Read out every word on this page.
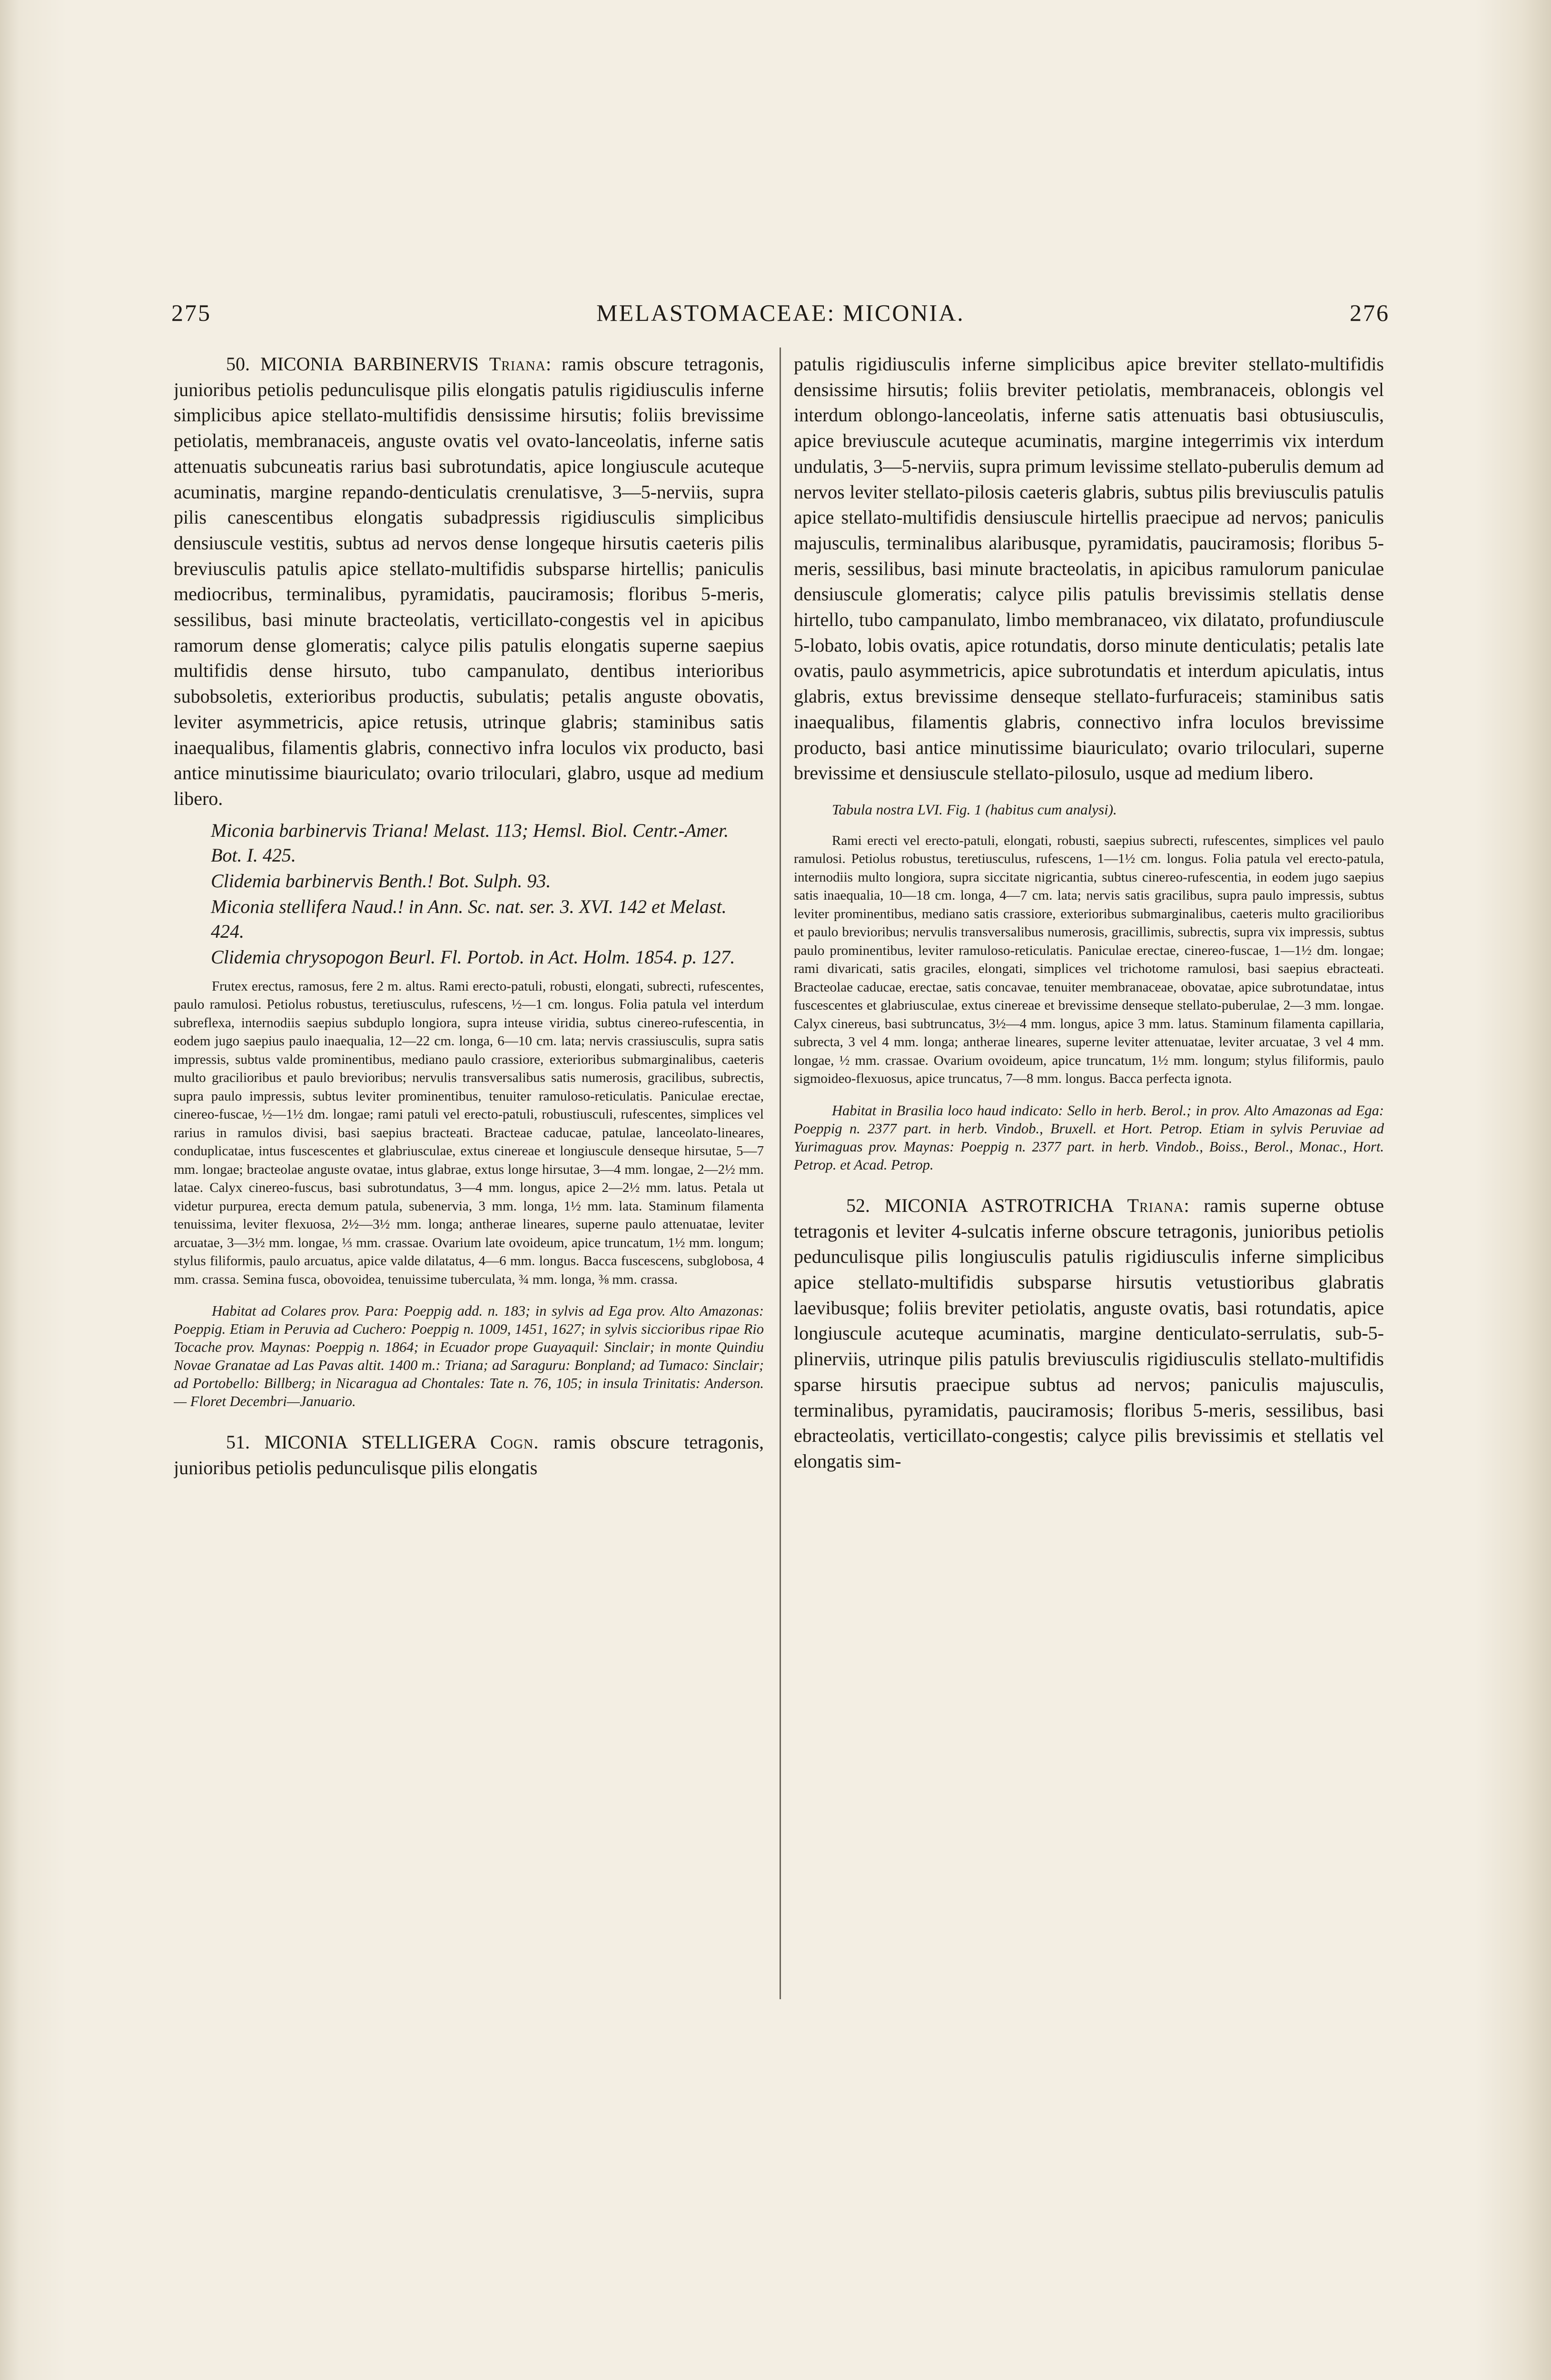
275	MELASTOMACEAE: MICONIA.	276

50. MICONIA BARBINERVIS Triana: ramis obscure tetragonis, junioribus petiolis pedunculisque pilis elongatis patulis rigidiusculis inferne simplicibus apice stellato-multifidis densissime hirsutis; foliis brevissime petiolatis, membranaceis, anguste ovatis vel ovato-lanceolatis, inferne satis attenuatis subcuneatis rarius basi subrotundatis, apice longiuscule acuteque acuminatis, margine repando-denticulatis crenulatisve, 3—5-nerviis, supra pilis canescentibus elongatis subadpressis rigidiusculis simplicibus densiuscule vestitis, subtus ad nervos dense longeque hirsutis caeteris pilis breviusculis patulis apice stellato-multifidis subsparse hirtellis; paniculis mediocribus, terminalibus, pyramidatis, pauciramosis; floribus 5-meris, sessilibus, basi minute bracteolatis, verticillato-congestis vel in apicibus ramorum dense glomeratis; calyce pilis patulis elongatis superne saepius multifidis dense hirsuto, tubo campanulato, dentibus interioribus subobsoletis, exterioribus productis, subulatis; petalis anguste obovatis, leviter asymmetricis, apice retusis, utrinque glabris; staminibus satis inaequalibus, filamentis glabris, connectivo infra loculos vix producto, basi antice minutissime biauriculato; ovario triloculari, glabro, usque ad medium libero.

Miconia barbinervis Triana! Melast. 113; Hemsl. Biol. Centr.-Amer. Bot. I. 425.

Clidemia barbinervis Benth.! Bot. Sulph. 93.

Miconia stellifera Naud.! in Ann. Sc. nat. ser. 3. XVI. 142 et Melast. 424.

Clidemia chrysopogon Beurl. Fl. Portob. in Act. Holm. 1854. p. 127.

Frutex erectus, ramosus, fere 2 m. altus. Rami erecto-patuli, robusti, elongati, subrecti, rufescentes, paulo ramulosi. Petiolus robustus, teretiusculus, rufescens, ½—1 cm. longus. Folia patula vel interdum subreflexa, internodiis saepius subduplo longiora, supra inteuse viridia, subtus cinereo-rufescentia, in eodem jugo saepius paulo inaequalia, 12—22 cm. longa, 6—10 cm. lata; nervis crassiusculis, supra satis impressis, subtus valde prominentibus, mediano paulo crassiore, exterioribus submarginalibus, caeteris multo gracilioribus et paulo brevioribus; nervulis transversalibus satis numerosis, gracilibus, subrectis, supra paulo impressis, subtus leviter prominentibus, tenuiter ramuloso-reticulatis. Paniculae erectae, cinereo-fuscae, ½—1½ dm. longae; rami patuli vel erecto-patuli, robustiusculi, rufescentes, simplices vel rarius in ramulos divisi, basi saepius bracteati. Bracteae caducae, patulae, lanceolato-lineares, conduplicatae, intus fuscescentes et glabriusculae, extus cinereae et longiuscule denseque hirsutae, 5—7 mm. longae; bracteolae anguste ovatae, intus glabrae, extus longe hirsutae, 3—4 mm. longae, 2—2½ mm. latae. Calyx cinereo-fuscus, basi subrotundatus, 3—4 mm. longus, apice 2—2½ mm. latus. Petala ut videtur purpurea, erecta demum patula, subenervia, 3 mm. longa, 1½ mm. lata. Staminum filamenta tenuissima, leviter flexuosa, 2½—3½ mm. longa; antherae lineares, superne paulo attenuatae, leviter arcuatae, 3—3½ mm. longae, ⅓ mm. crassae. Ovarium late ovoideum, apice truncatum, 1½ mm. longum; stylus filiformis, paulo arcuatus, apice valde dilatatus, 4—6 mm. longus. Bacca fuscescens, subglobosa, 4 mm. crassa. Semina fusca, obovoidea, tenuissime tuberculata, ¾ mm. longa, ⅜ mm. crassa.

Habitat ad Colares prov. Para: Poeppig add. n. 183; in sylvis ad Ega prov. Alto Amazonas: Poeppig. Etiam in Peruvia ad Cuchero: Poeppig n. 1009, 1451, 1627; in sylvis siccioribus ripae Rio Tocache prov. Maynas: Poeppig n. 1864; in Ecuador prope Guayaquil: Sinclair; in monte Quindiu Novae Granatae ad Las Pavas altit. 1400 m.: Triana; ad Saraguru: Bonpland; ad Tumaco: Sinclair; ad Portobello: Billberg; in Nicaragua ad Chontales: Tate n. 76, 105; in insula Trinitatis: Anderson. — Floret Decembri—Januario.

51. MICONIA STELLIGERA Cogn. ramis obscure tetragonis, junioribus petiolis pedunculisque pilis elongatis

patulis rigidiusculis inferne simplicibus apice breviter stellato-multifidis densissime hirsutis; foliis breviter petiolatis, membranaceis, oblongis vel interdum oblongo-lanceolatis, inferne satis attenuatis basi obtusiusculis, apice breviuscule acuteque acuminatis, margine integerrimis vix interdum undulatis, 3—5-nerviis, supra primum levissime stellato-puberulis demum ad nervos leviter stellato-pilosis caeteris glabris, subtus pilis breviusculis patulis apice stellato-multifidis densiuscule hirtellis praecipue ad nervos; paniculis majusculis, terminalibus alaribusque, pyramidatis, pauciramosis; floribus 5-meris, sessilibus, basi minute bracteolatis, in apicibus ramulorum paniculae densiuscule glomeratis; calyce pilis patulis brevissimis stellatis dense hirtello, tubo campanulato, limbo membranaceo, vix dilatato, profundiuscule 5-lobato, lobis ovatis, apice rotundatis, dorso minute denticulatis; petalis late ovatis, paulo asymmetricis, apice subrotundatis et interdum apiculatis, intus glabris, extus brevissime denseque stellato-furfuraceis; staminibus satis inaequalibus, filamentis glabris, connectivo infra loculos brevissime producto, basi antice minutissime biauriculato; ovario triloculari, superne brevissime et densiuscule stellato-pilosulo, usque ad medium libero.

Tabula nostra LVI. Fig. 1 (habitus cum analysi).

Rami erecti vel erecto-patuli, elongati, robusti, saepius subrecti, rufescentes, simplices vel paulo ramulosi. Petiolus robustus, teretiusculus, rufescens, 1—1½ cm. longus. Folia patula vel erecto-patula, internodiis multo longiora, supra siccitate nigricantia, subtus cinereo-rufescentia, in eodem jugo saepius satis inaequalia, 10—18 cm. longa, 4—7 cm. lata; nervis satis gracilibus, supra paulo impressis, subtus leviter prominentibus, mediano satis crassiore, exterioribus submarginalibus, caeteris multo gracilioribus et paulo brevioribus; nervulis transversalibus numerosis, gracillimis, subrectis, supra vix impressis, subtus paulo prominentibus, leviter ramuloso-reticulatis. Paniculae erectae, cinereo-fuscae, 1—1½ dm. longae; rami divaricati, satis graciles, elongati, simplices vel trichotome ramulosi, basi saepius ebracteati. Bracteolae caducae, erectae, satis concavae, tenuiter membranaceae, obovatae, apice subrotundatae, intus fuscescentes et glabriusculae, extus cinereae et brevissime denseque stellato-puberulae, 2—3 mm. longae. Calyx cinereus, basi subtruncatus, 3½—4 mm. longus, apice 3 mm. latus. Staminum filamenta capillaria, subrecta, 3 vel 4 mm. longa; antherae lineares, superne leviter attenuatae, leviter arcuatae, 3 vel 4 mm. longae, ½ mm. crassae. Ovarium ovoideum, apice truncatum, 1½ mm. longum; stylus filiformis, paulo sigmoideo-flexuosus, apice truncatus, 7—8 mm. longus. Bacca perfecta ignota.

Habitat in Brasilia loco haud indicato: Sello in herb. Berol.; in prov. Alto Amazonas ad Ega: Poeppig n. 2377 part. in herb. Vindob., Bruxell. et Hort. Petrop. Etiam in sylvis Peruviae ad Yurimaguas prov. Maynas: Poeppig n. 2377 part. in herb. Vindob., Boiss., Berol., Monac., Hort. Petrop. et Acad. Petrop.

52. MICONIA ASTROTRICHA Triana: ramis superne obtuse tetragonis et leviter 4-sulcatis inferne obscure tetragonis, junioribus petiolis pedunculisque pilis longiusculis patulis rigidiusculis inferne simplicibus apice stellato-multifidis subsparse hirsutis vetustioribus glabratis laevibusque; foliis breviter petiolatis, anguste ovatis, basi rotundatis, apice longiuscule acuteque acuminatis, margine denticulato-serrulatis, sub-5-plinerviis, utrinque pilis patulis breviusculis rigidiusculis stellato-multifidis sparse hirsutis praecipue subtus ad nervos; paniculis majusculis, terminalibus, pyramidatis, pauciramosis; floribus 5-meris, sessilibus, basi ebracteolatis, verticillato-congestis; calyce pilis brevissimis et stellatis vel elongatis sim-
